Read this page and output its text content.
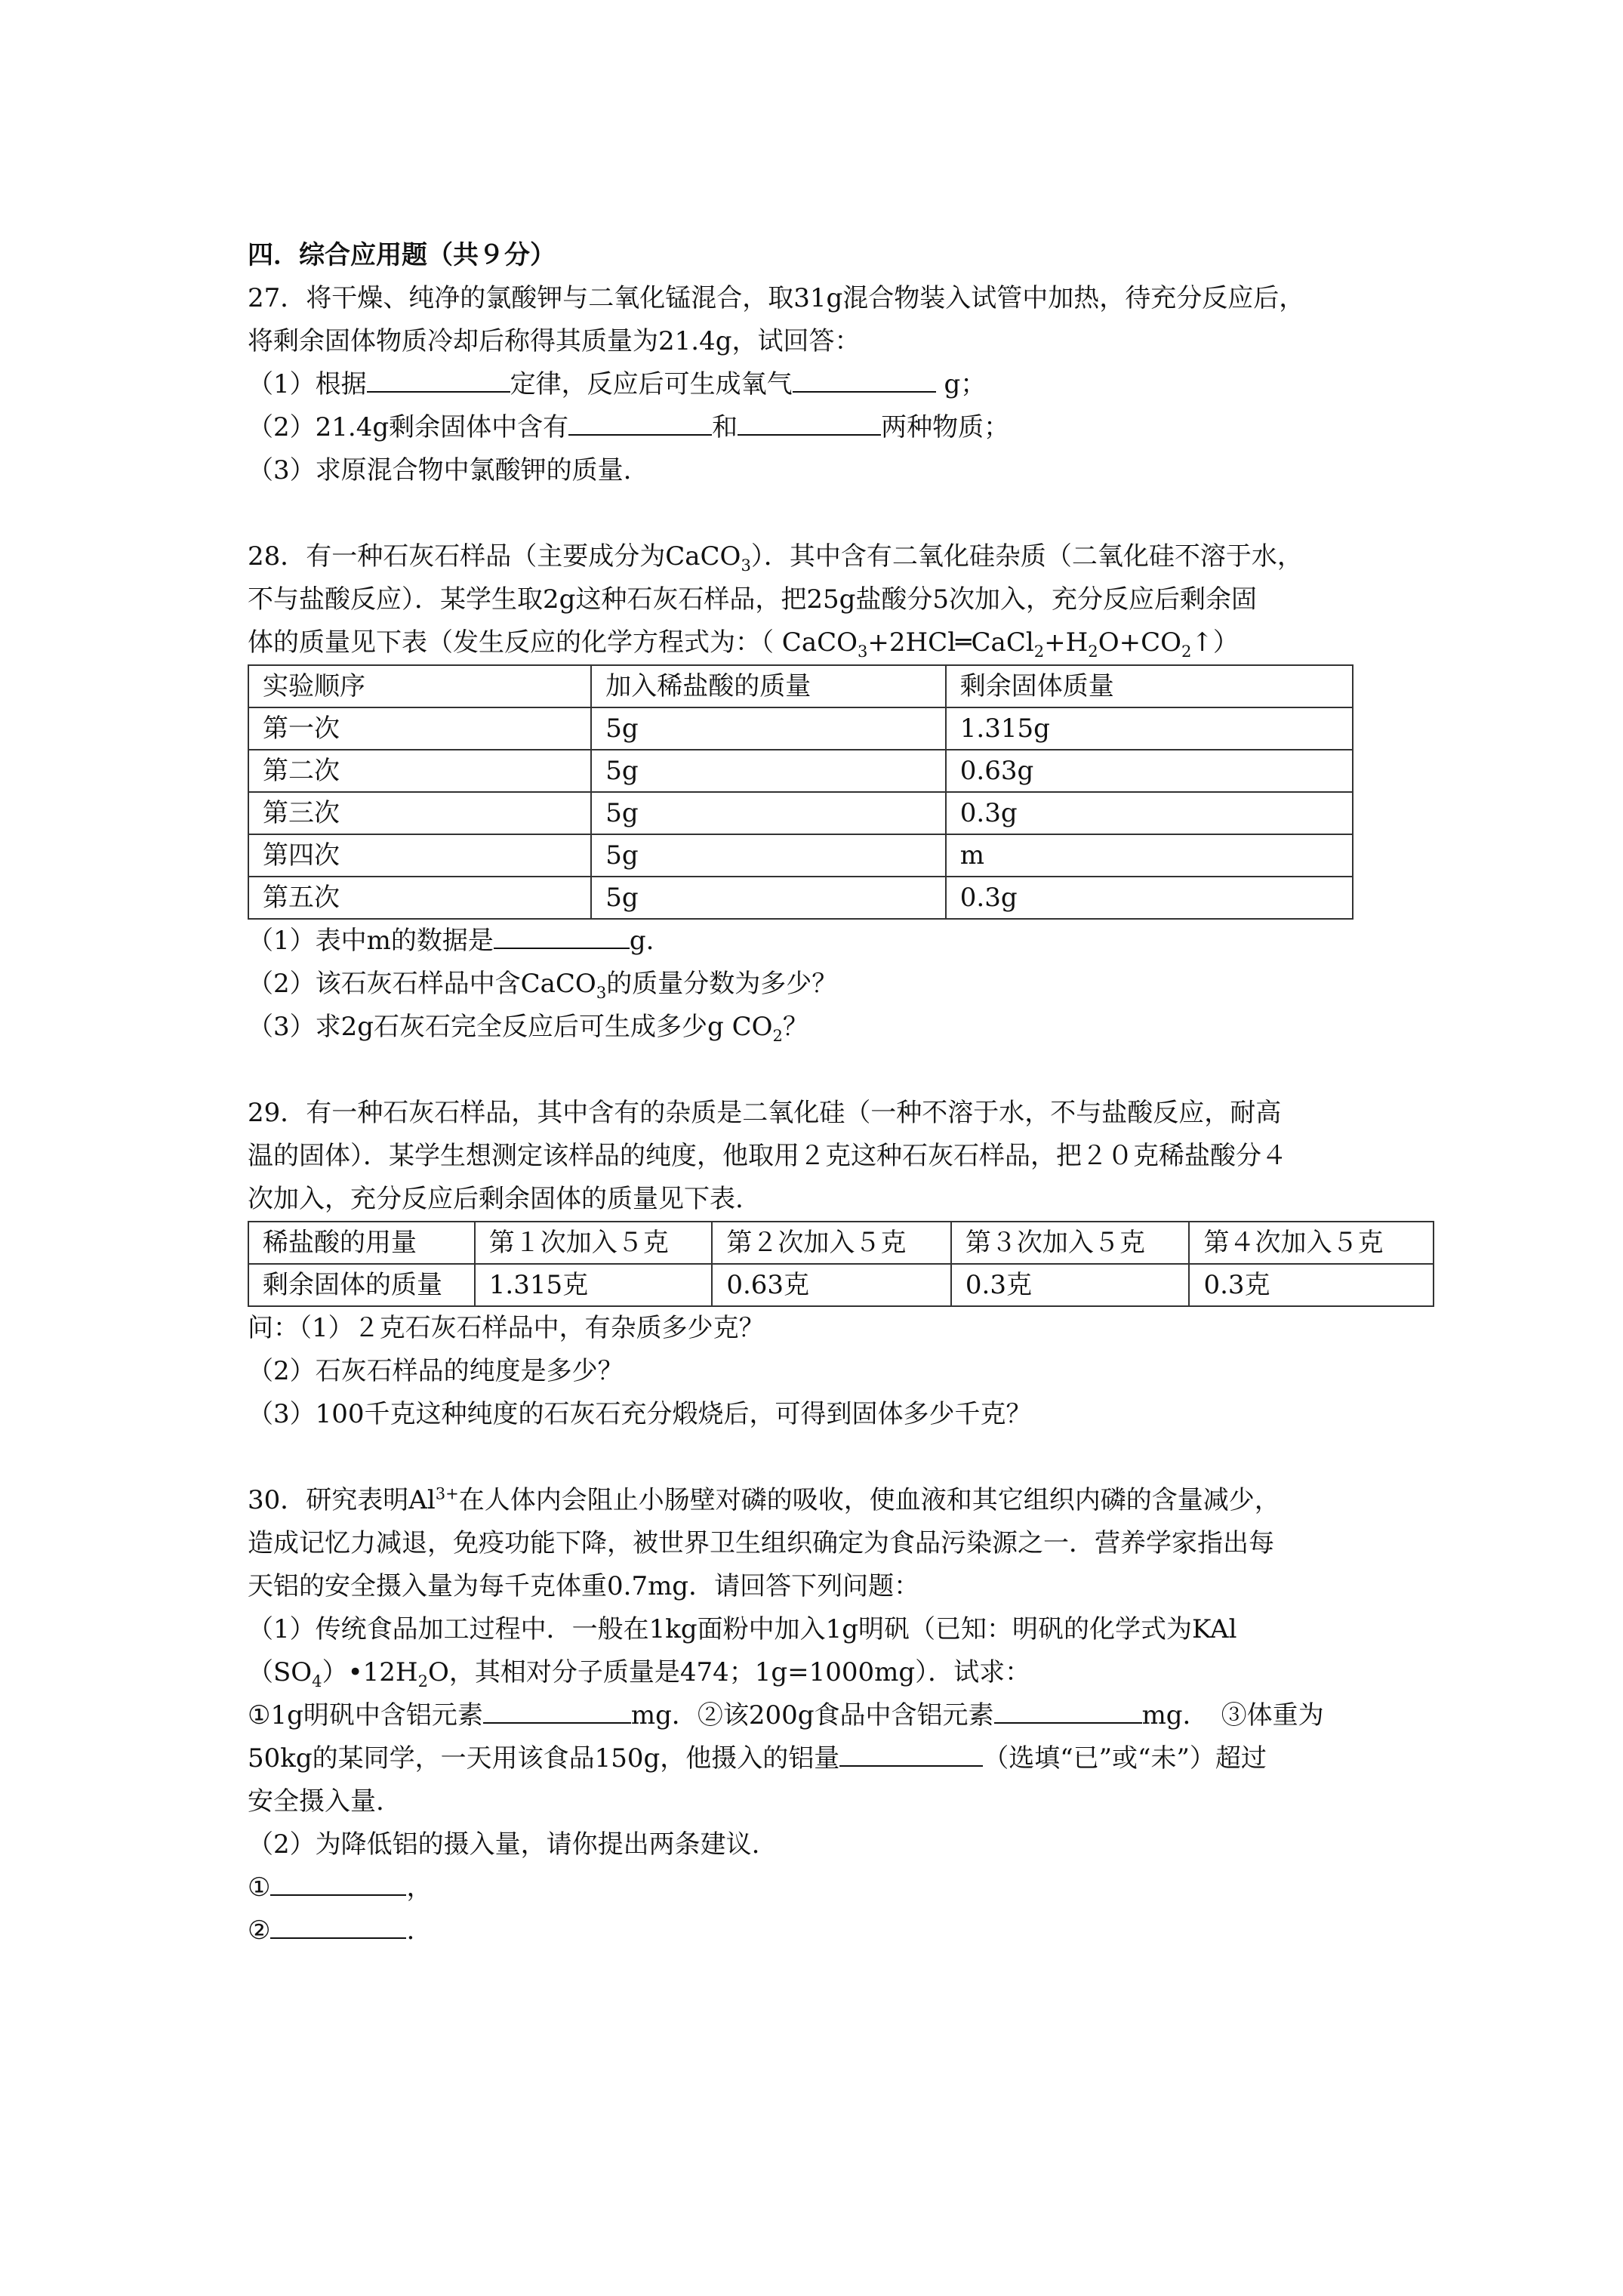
四．综合应用题（共９分）
27．将干燥、纯净的氯酸钾与二氧化锰混合，取31g混合物装入试管中加热，待充分反应后，
将剩余固体物质冷却后称得其质量为21.4g，试回答：
（1）根据	定律，反应后可生成氧气	g；
（2）21.4g剩余固体中含有	和	两种物质；
（3）求原混合物中氯酸钾的质量.
28．有一种石灰石样品（主要成分为CaCO$_3$）．其中含有二氧化硅杂质（二氧化硅不溶于水，
不与盐酸反应）．某学生取2g这种石灰石样品，把25g盐酸分5次加入，充分反应后剩余固
体的质量见下表（发生反应的化学方程式为：（ $CaCO_3+2HCl═CaCl_2+H_2O+CO_2↑$）
实验顺序	加入稀盐酸的质量	剩余固体质量
第一次	5g	1.315g
第二次	5g	0.63g
第三次	5g	0.3g
第四次	5g	m
第五次	5g	0.3g
（1）表中m的数据是	g.
（2）该石灰石样品中含CaCO$_3$的质量分数为多少？
（3）求2g石灰石完全反应后可生成多少g $CO_2$？
29．有一种石灰石样品，其中含有的杂质是二氧化硅（一种不溶于水，不与盐酸反应，耐高
温的固体）．某学生想测定该样品的纯度，他取用２克这种石灰石样品，把２０克稀盐酸分４
次加入，充分反应后剩余固体的质量见下表.
稀盐酸的用量	第１次加入５克	第２次加入５克	第３次加入５克	第４次加入５克
剩余固体的质量	1.315克	0.63克	0.3克	0.3克
问：（1）２克石灰石样品中，有杂质多少克？
（2）石灰石样品的纯度是多少？
（3）100千克这种纯度的石灰石充分煅烧后，可得到固体多少千克？
30．研究表明$Al^{3+}$在人体内会阻止小肠壁对磷的吸收，使血液和其它组织内磷的含量减少，
造成记忆力减退，免疫功能下降，被世界卫生组织确定为食品污染源之一．营养学家指出每
天铝的安全摄入量为每千克体重0.7mg．请回答下列问题：
（1）传统食品加工过程中．一般在1kg面粉中加入1g明矾（已知：明矾的化学式为KAl
$(SO_4)•12H_2O$，其相对分子质量是474；1g=1000mg）．试求：
①1g明矾中含铝元素	mg．②该200g食品中含铝元素	mg．　③体重为
50kg的某同学，一天用该食品150g，他摄入的铝量	（选填“已”或“未”）超过
安全摄入量.
（2）为降低铝的摄入量，请你提出两条建议.
①	，
②	.
